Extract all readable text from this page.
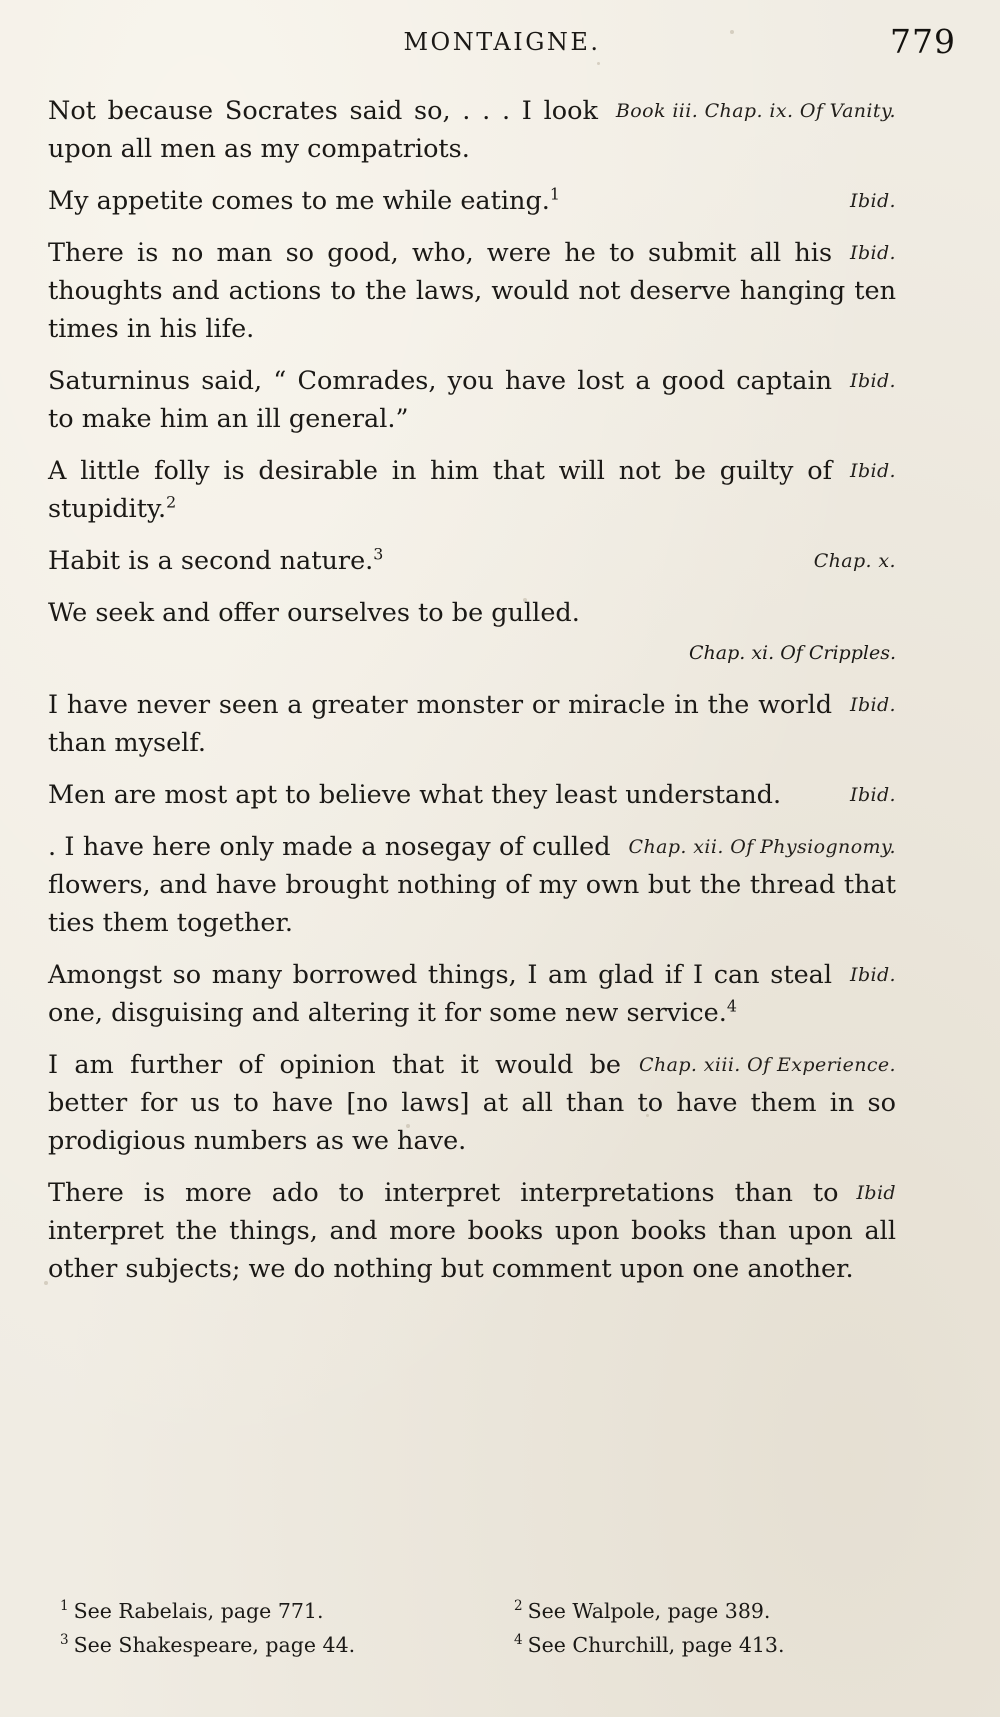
MONTAIGNE.	779
Book iii. Chap. ix. Of Vanity.
Not because Socrates said so, . . . I look upon all men as my compatriots.
Ibid.
My appetite comes to me while eating.$^1$
Ibid.
There is no man so good, who, were he to submit all his thoughts and actions to the laws, would not deserve hanging ten times in his life.
Ibid.
Saturninus said, “ Comrades, you have lost a good captain to make him an ill general.”
Ibid.
A little folly is desirable in him that will not be guilty of stupidity.$^2$
Chap. x.
Habit is a second nature.$^3$
We seek and offer ourselves to be gulled.
Chap. xi. Of Cripples.
Ibid.
I have never seen a greater monster or miracle in the world than myself.
Ibid.
Men are most apt to believe what they least understand.
Chap. xii. Of Physiognomy.
. I have here only made a nosegay of culled flowers, and have brought nothing of my own but the thread that ties them together.
Ibid.
Amongst so many borrowed things, I am glad if I can steal one, disguising and altering it for some new service.$^4$
Chap. xiii. Of Experience.
I am further of opinion that it would be better for us to have [no laws] at all than to have them in so prodigious numbers as we have.
Ibid
There is more ado to interpret interpretations than to interpret the things, and more books upon books than upon all other subjects; we do nothing but comment upon one another.
$^1$ See Rabelais, page 771.	$^2$ See Walpole, page 389.
$^3$ See Shakespeare, page 44.	$^4$ See Churchill, page 413.
